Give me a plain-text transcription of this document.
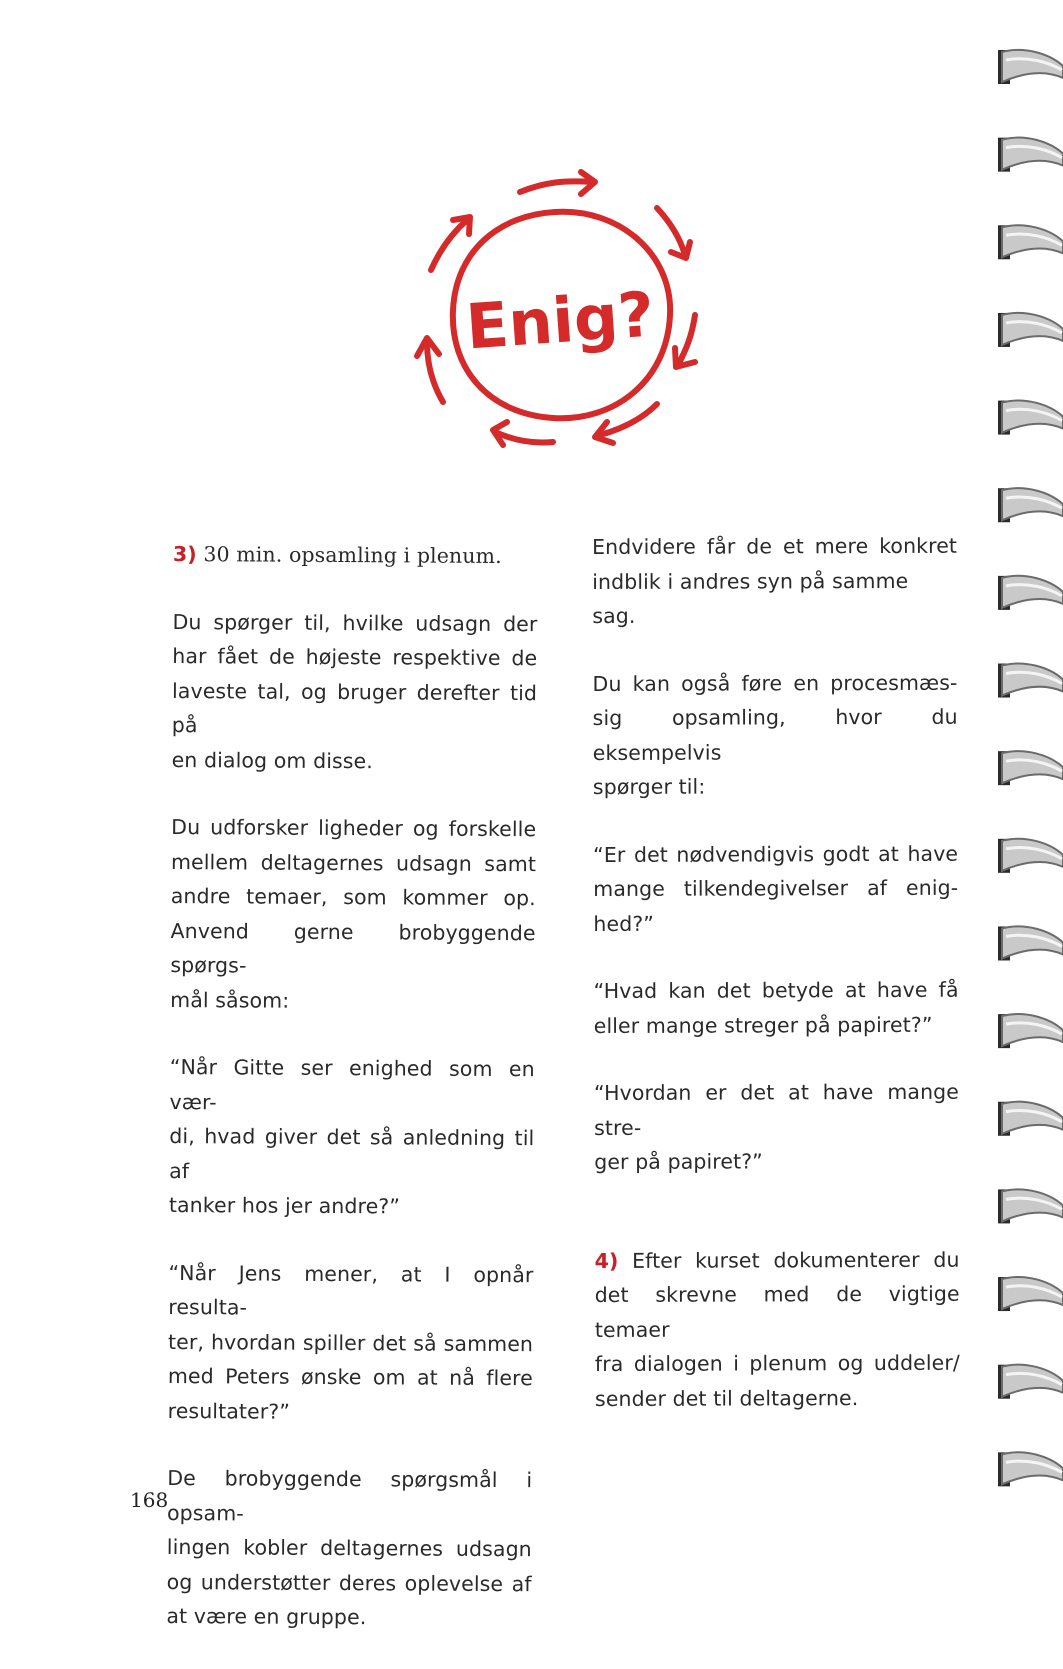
Enig?

3) 30 min. opsamling i plenum.

Du spørger til, hvilke udsagn der
har fået de højeste respektive de
laveste tal, og bruger derefter tid på
en dialog om disse.

Du udforsker ligheder og forskelle
mellem deltagernes udsagn samt
andre temaer, som kommer op.
Anvend gerne brobyggende spørgs-
mål såsom:

“Når Gitte ser enighed som en vær-
di, hvad giver det så anledning til af
tanker hos jer andre?”

“Når Jens mener, at I opnår resulta-
ter, hvordan spiller det så sammen
med Peters ønske om at nå flere
resultater?”

De brobyggende spørgsmål i opsam-
lingen kobler deltagernes udsagn
og understøtter deres oplevelse af
at være en gruppe.

Endvidere får de et mere konkret
indblik i andres syn på samme sag.

Du kan også føre en procesmæs-
sig opsamling, hvor du eksempelvis
spørger til:

“Er det nødvendigvis godt at have
mange tilkendegivelser af enig-
hed?”

“Hvad kan det betyde at have få
eller mange streger på papiret?”

“Hvordan er det at have mange stre-
ger på papiret?”

4) Efter kurset dokumenterer du
det skrevne med de vigtige temaer
fra dialogen i plenum og uddeler/
sender det til deltagerne.

168
